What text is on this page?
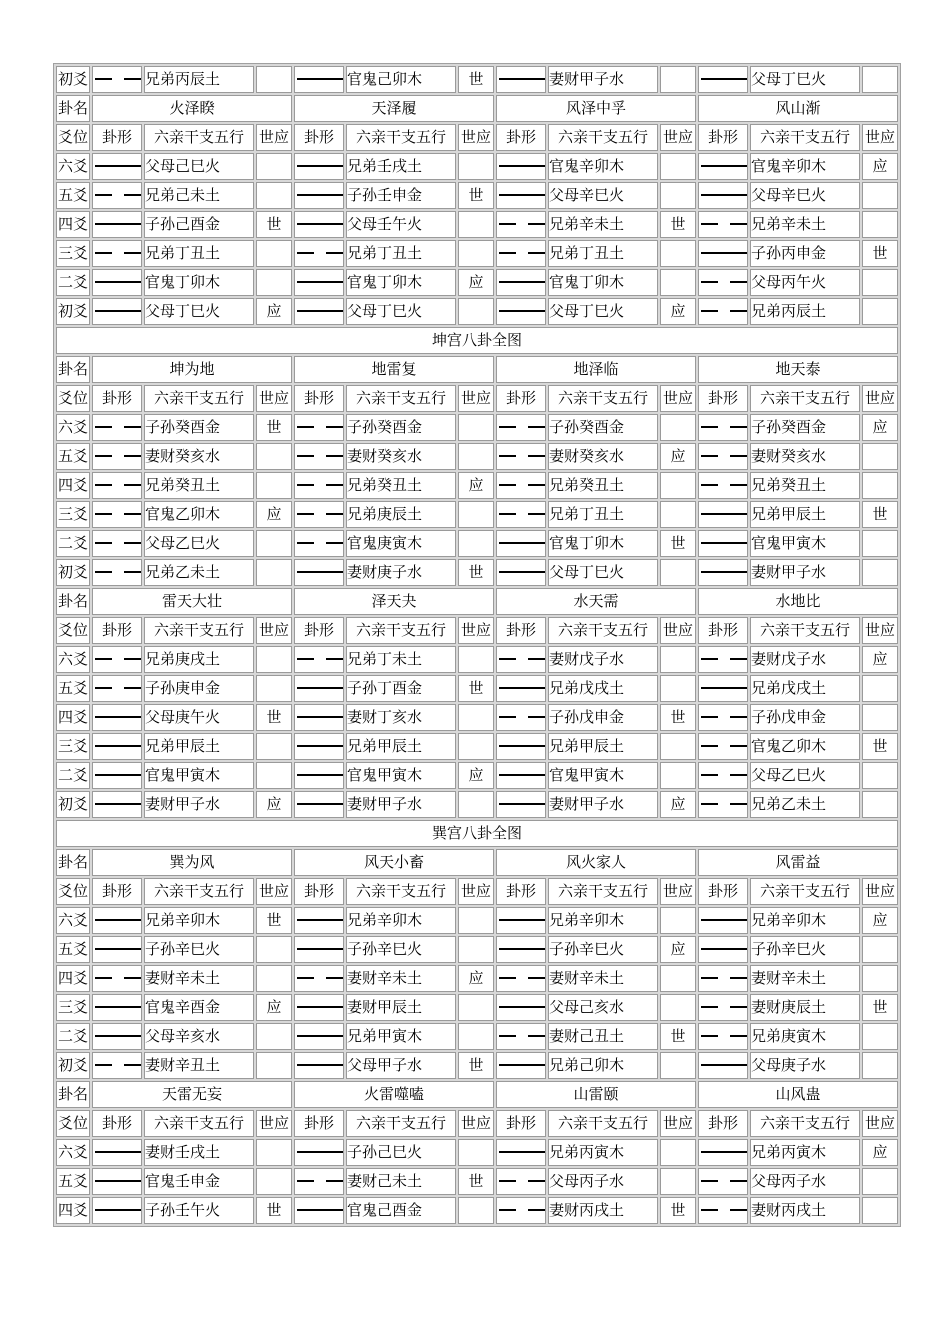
初爻		兄弟丙辰土			官鬼己卯木	世		妻财甲子水			父母丁巳火	
卦名	火泽睽			天泽履			风泽中孚			风山渐		
爻位	卦形	六亲干支五行	世应	卦形	六亲干支五行	世应	卦形	六亲干支五行	世应	卦形	六亲干支五行	世应
六爻		父母己巳火			兄弟壬戌土			官鬼辛卯木			官鬼辛卯木	应
五爻		兄弟己未土			子孙壬申金	世		父母辛巳火			父母辛巳火	
四爻		子孙己酉金	世		父母壬午火			兄弟辛未土	世		兄弟辛未土	
三爻		兄弟丁丑土			兄弟丁丑土			兄弟丁丑土			子孙丙申金	世
二爻		官鬼丁卯木			官鬼丁卯木	应		官鬼丁卯木			父母丙午火	
初爻		父母丁巳火	应		父母丁巳火			父母丁巳火	应		兄弟丙辰土	
坤宫八卦全图												
卦名	坤为地			地雷复			地泽临			地天泰		
爻位	卦形	六亲干支五行	世应	卦形	六亲干支五行	世应	卦形	六亲干支五行	世应	卦形	六亲干支五行	世应
六爻		子孙癸酉金	世		子孙癸酉金			子孙癸酉金			子孙癸酉金	应
五爻		妻财癸亥水			妻财癸亥水			妻财癸亥水	应		妻财癸亥水	
四爻		兄弟癸丑土			兄弟癸丑土	应		兄弟癸丑土			兄弟癸丑土	
三爻		官鬼乙卯木	应		兄弟庚辰土			兄弟丁丑土			兄弟甲辰土	世
二爻		父母乙巳火			官鬼庚寅木			官鬼丁卯木	世		官鬼甲寅木	
初爻		兄弟乙未土			妻财庚子水	世		父母丁巳火			妻财甲子水	
卦名	雷天大壮			泽天夬			水天需			水地比		
爻位	卦形	六亲干支五行	世应	卦形	六亲干支五行	世应	卦形	六亲干支五行	世应	卦形	六亲干支五行	世应
六爻		兄弟庚戌土			兄弟丁未土			妻财戊子水			妻财戊子水	应
五爻		子孙庚申金			子孙丁酉金	世		兄弟戊戌土			兄弟戊戌土	
四爻		父母庚午火	世		妻财丁亥水			子孙戊申金	世		子孙戊申金	
三爻		兄弟甲辰土			兄弟甲辰土			兄弟甲辰土			官鬼乙卯木	世
二爻		官鬼甲寅木			官鬼甲寅木	应		官鬼甲寅木			父母乙巳火	
初爻		妻财甲子水	应		妻财甲子水			妻财甲子水	应		兄弟乙未土	
巽宫八卦全图												
卦名	巽为风			风天小畜			风火家人			风雷益		
爻位	卦形	六亲干支五行	世应	卦形	六亲干支五行	世应	卦形	六亲干支五行	世应	卦形	六亲干支五行	世应
六爻		兄弟辛卯木	世		兄弟辛卯木			兄弟辛卯木			兄弟辛卯木	应
五爻		子孙辛巳火			子孙辛巳火			子孙辛巳火	应		子孙辛巳火	
四爻		妻财辛未土			妻财辛未土	应		妻财辛未土			妻财辛未土	
三爻		官鬼辛酉金	应		妻财甲辰土			父母己亥水			妻财庚辰土	世
二爻		父母辛亥水			兄弟甲寅木			妻财己丑土	世		兄弟庚寅木	
初爻		妻财辛丑土			父母甲子水	世		兄弟己卯木			父母庚子水	
卦名	天雷无妄			火雷噬嗑			山雷颐			山风蛊		
爻位	卦形	六亲干支五行	世应	卦形	六亲干支五行	世应	卦形	六亲干支五行	世应	卦形	六亲干支五行	世应
六爻		妻财壬戌土			子孙己巳火			兄弟丙寅木			兄弟丙寅木	应
五爻		官鬼壬申金			妻财己未土	世		父母丙子水			父母丙子水	
四爻		子孙壬午火	世		官鬼己酉金			妻财丙戌土	世		妻财丙戌土	
